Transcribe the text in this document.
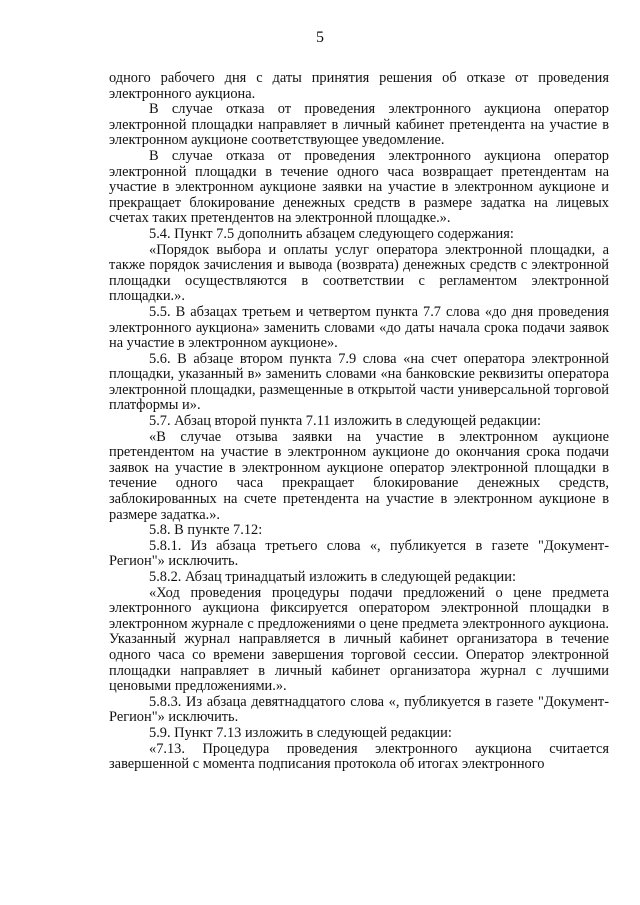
5

одного рабочего дня с даты принятия решения об отказе от проведения электронного аукциона.

В случае отказа от проведения электронного аукциона оператор электронной площадки направляет в личный кабинет претендента на участие в электронном аукционе соответствующее уведомление.

В случае отказа от проведения электронного аукциона оператор электронной площадки в течение одного часа возвращает претендентам на участие в электронном аукционе заявки на участие в электронном аукционе и прекращает блокирование денежных средств в размере задатка на лицевых счетах таких претендентов на электронной площадке.».

5.4. Пункт 7.5 дополнить абзацем следующего содержания:

«Порядок выбора и оплаты услуг оператора электронной площадки, а также порядок зачисления и вывода (возврата) денежных средств с электронной площадки осуществляются в соответствии с регламентом электронной площадки.».

5.5. В абзацах третьем и четвертом пункта 7.7 слова «до дня проведения электронного аукциона» заменить словами «до даты начала срока подачи заявок на участие в электронном аукционе».

5.6. В абзаце втором пункта 7.9 слова «на счет оператора электронной площадки, указанный в» заменить словами «на банковские реквизиты оператора электронной площадки, размещенные в открытой части универсальной торговой платформы и».

5.7. Абзац второй пункта 7.11 изложить в следующей редакции:

«В случае отзыва заявки на участие в электронном аукционе претендентом на участие в электронном аукционе до окончания срока подачи заявок на участие в электронном аукционе оператор электронной площадки в течение одного часа прекращает блокирование денежных средств, заблокированных на счете претендента на участие в электронном аукционе в размере задатка.».

5.8. В пункте 7.12:

5.8.1. Из абзаца третьего слова «, публикуется в газете "Документ-Регион"» исключить.

5.8.2. Абзац тринадцатый изложить в следующей редакции:

«Ход проведения процедуры подачи предложений о цене предмета электронного аукциона фиксируется оператором электронной площадки в электронном журнале с предложениями о цене предмета электронного аукциона. Указанный журнал направляется в личный кабинет организатора в течение одного часа со времени завершения торговой сессии. Оператор электронной площадки направляет в личный кабинет организатора журнал с лучшими ценовыми предложениями.».

5.8.3. Из абзаца девятнадцатого слова «, публикуется в газете "Документ-Регион"» исключить.

5.9. Пункт 7.13 изложить в следующей редакции:

«7.13. Процедура проведения электронного аукциона считается завершенной с момента подписания протокола об итогах электронного
